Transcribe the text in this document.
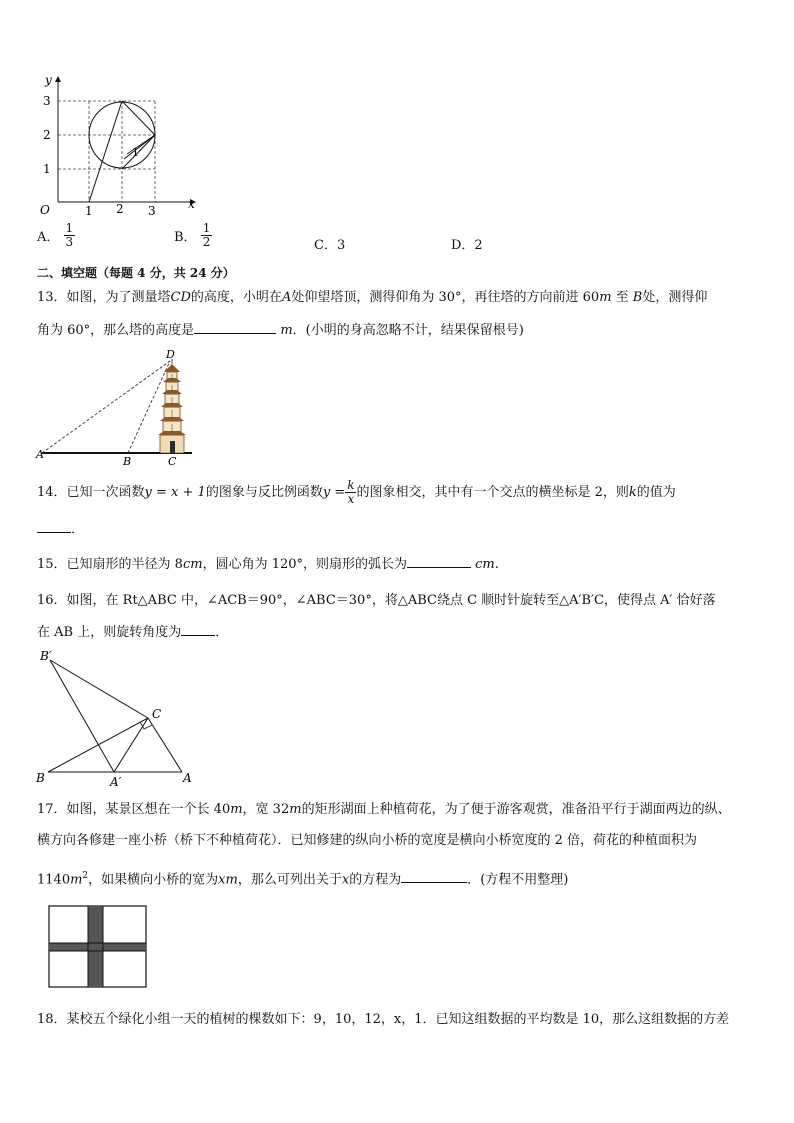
y
x
O	1 2 3
1
2
3
1
A． $\frac{1}{3}$	B． $\frac{1}{2}$	C．3	D．2
二、填空题（每题 4 分，共 24 分）
13．如图，为了测量塔CD的高度，小明在A处仰望塔顶，测得仰角为 30°，再往塔的方向前进 60m 至 B处，测得仰
角为 60°，那么塔的高度是	m．(小明的身高忽略不计，结果保留根号)
D
A
B	C
14．已知一次函数y = x + 1的图象与反比例函数$y = \frac{k}{x}$ 的图象相交，其中有一个交点的横坐标是 2，则k的值为
．
15．已知扇形的半径为 8cm，圆心角为 120°，则扇形的弧长为	cm.
16．如图，在 Rt△ABC 中，∠ACB＝90°，∠ABC＝30°，将△ABC绕点 C 顺时针旋转至△A′B′C，使得点 A′ 恰好落
在 AB 上，则旋转角度为	．
B′
C
B	A′	A
17．如图，某景区想在一个长 40m，宽 32m的矩形湖面上种植荷花，为了便于游客观赏，准备沿平行于湖面两边的纵、
横方向各修建一座小桥（桥下不种植荷花）．已知修建的纵向小桥的宽度是横向小桥宽度的 2 倍，荷花的种植面积为
$1140m^2$，如果横向小桥的宽为xm，那么可列出关于x的方程为	．(方程不用整理)
18．某校五个绿化小组一天的植树的棵数如下：9，10，12，x，1．已知这组数据的平均数是 10，那么这组数据的方差
